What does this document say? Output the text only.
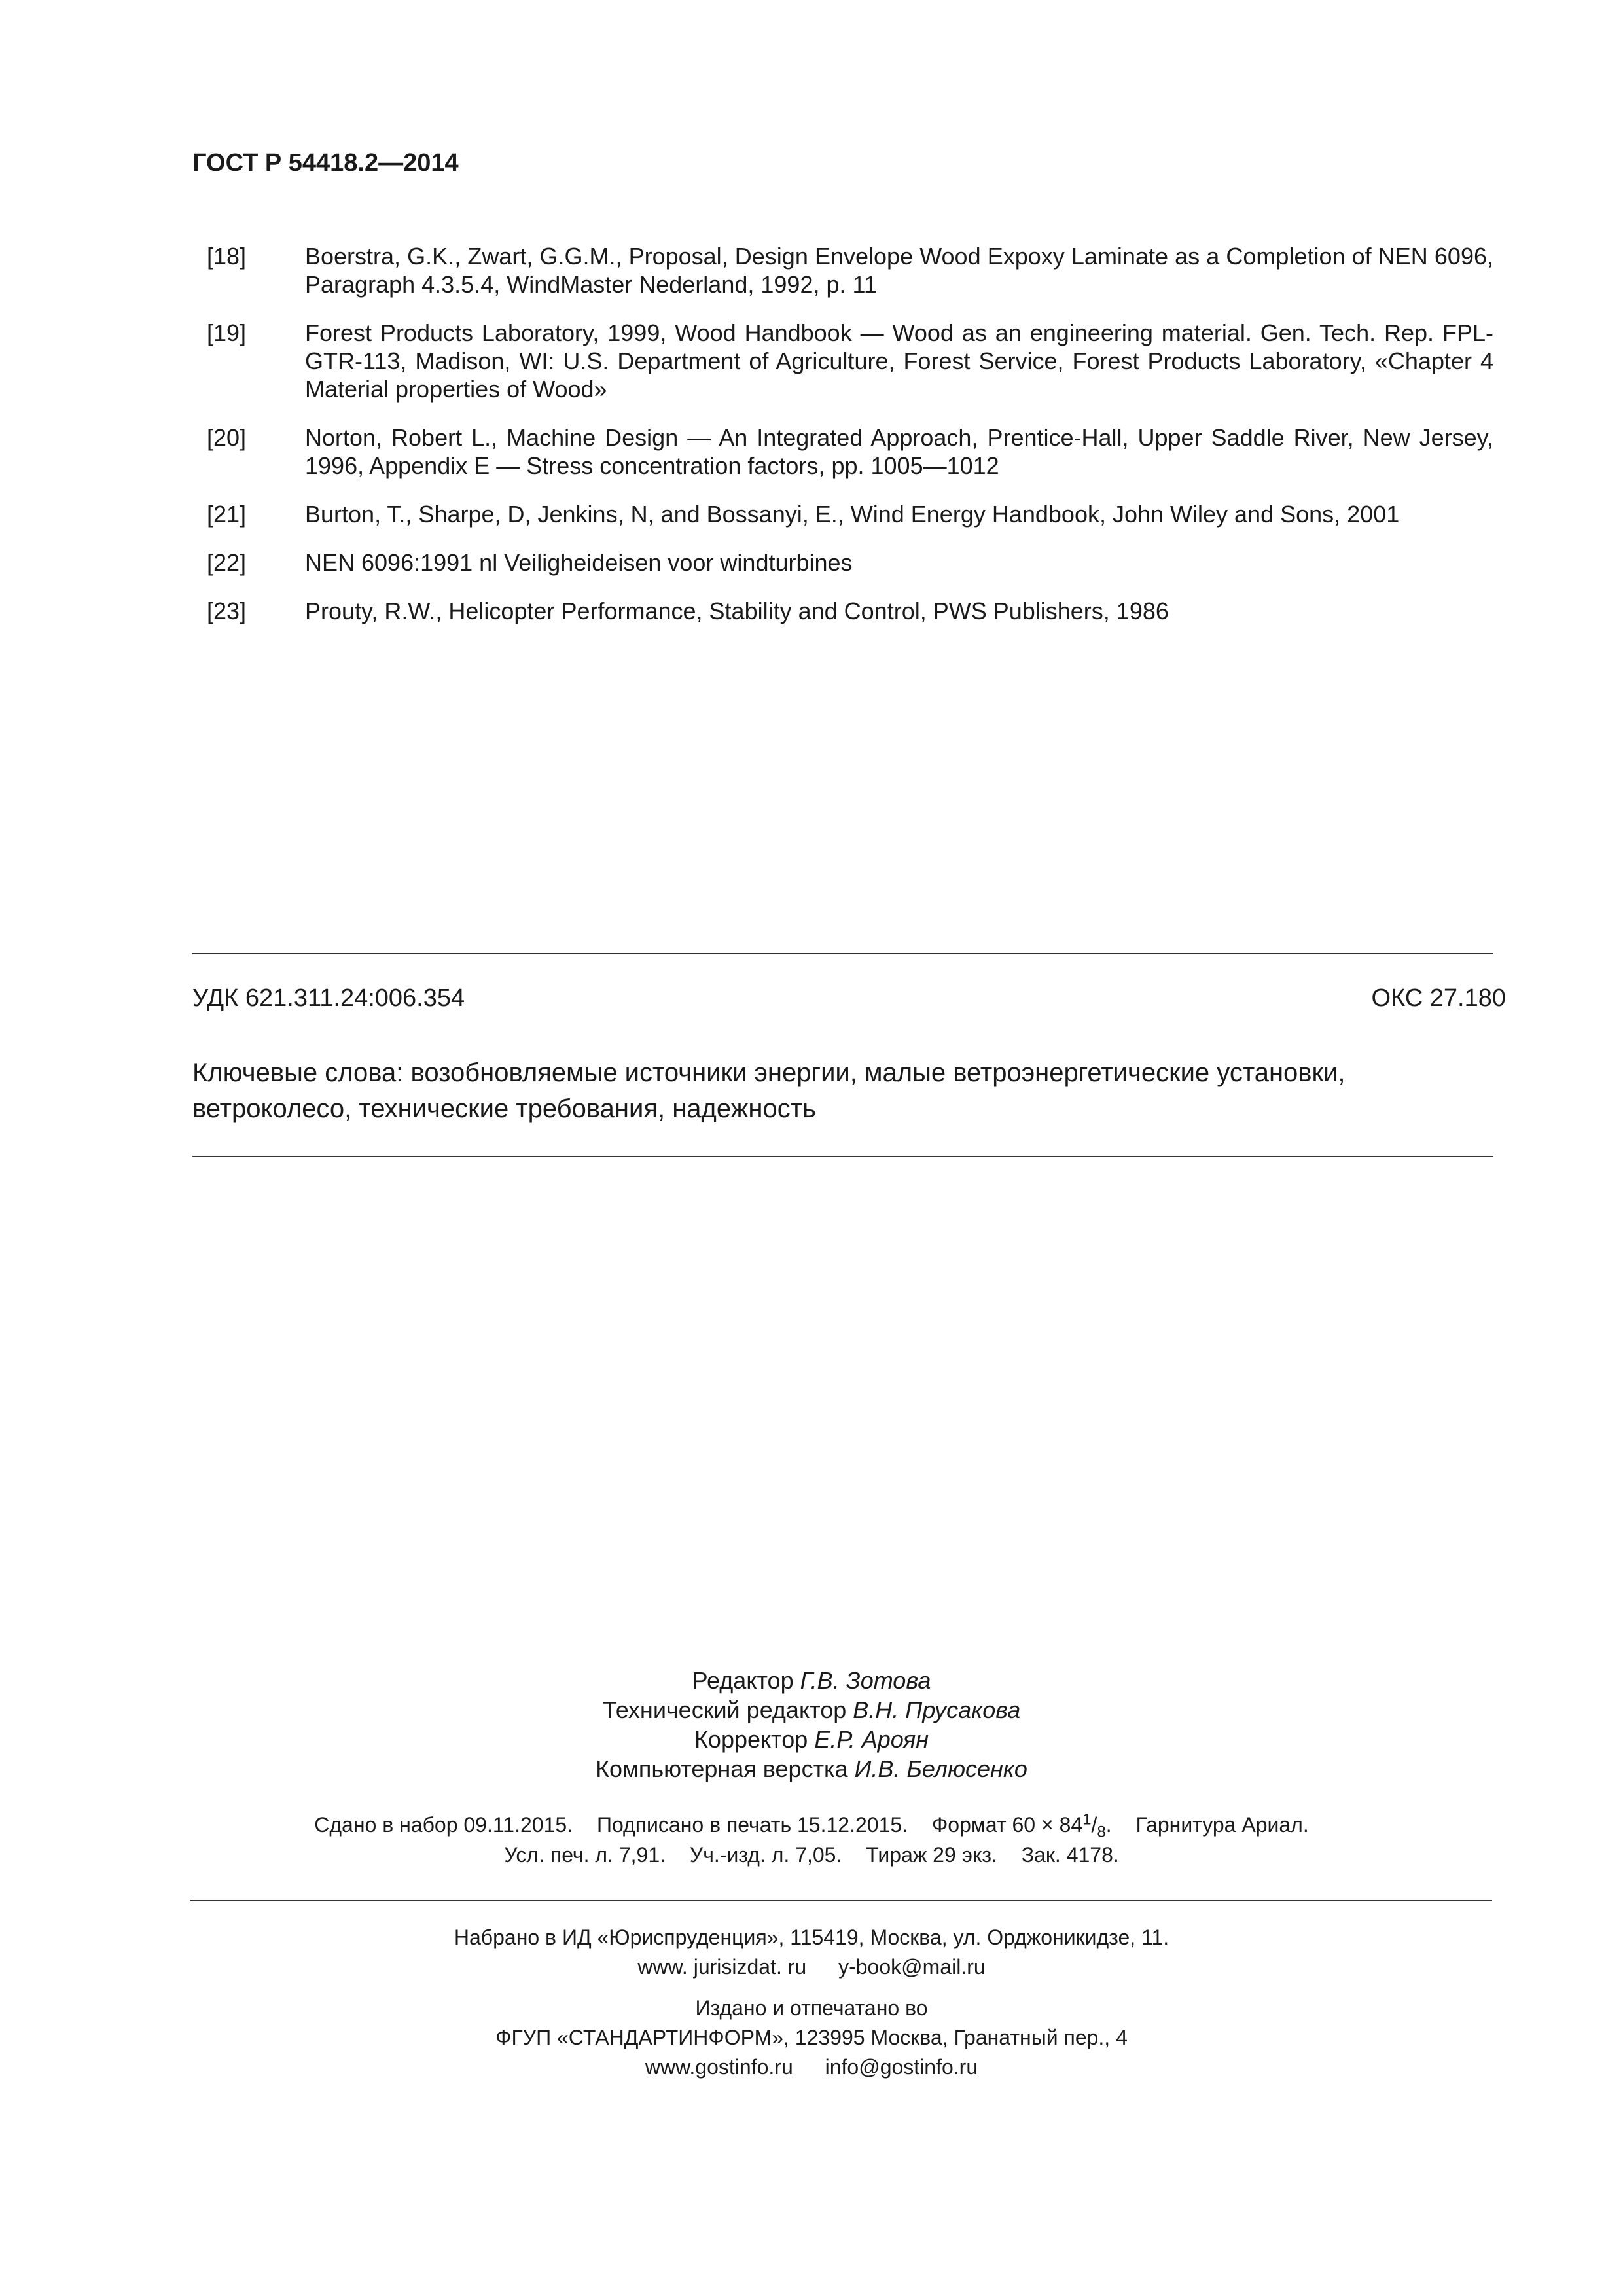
ГОСТ Р 54418.2—2014
[18]	Boerstra, G.K., Zwart, G.G.M., Proposal, Design Envelope Wood Expoxy Laminate as a Completion of NEN 6096, Paragraph 4.3.5.4, WindMaster Nederland, 1992, p. 11
[19]	Forest Products Laboratory, 1999, Wood Handbook — Wood as an engineering material. Gen. Tech. Rep. FPL-GTR-113, Madison, WI: U.S. Department of Agriculture, Forest Service, Forest Products Laboratory, «Chapter 4 Material properties of Wood»
[20]	Norton, Robert L., Machine Design — An Integrated Approach, Prentice-Hall, Upper Saddle River, New Jersey, 1996, Appendix E — Stress concentration factors, pp. 1005—1012
[21]	Burton, T., Sharpe, D, Jenkins, N, and Bossanyi, E., Wind Energy Handbook, John Wiley and Sons, 2001
[22]	NEN 6096:1991 nl Veiligheideisen voor windturbines
[23]	Prouty, R.W., Helicopter Performance, Stability and Control, PWS Publishers, 1986
УДК 621.311.24:006.354	ОКС 27.180
Ключевые слова: возобновляемые источники энергии, малые ветроэнергетические установки, ветроколесо, технические требования, надежность
Редактор Г.В. Зотова
Технический редактор В.Н. Прусакова
Корректор Е.Р. Ароян
Компьютерная верстка И.В. Белюсенко
Сдано в набор 09.11.2015. Подписано в печать 15.12.2015. Формат $60 \times 84^1/_8$. Гарнитура Ариал.
Усл. печ. л. 7,91. Уч.-изд. л. 7,05. Тираж 29 экз. Зак. 4178.
Набрано в ИД «Юриспруденция», 115419, Москва, ул. Орджоникидзе, 11.
www. jurisizdat. ru y-book@mail.ru
Издано и отпечатано во
ФГУП «СТАНДАРТИНФОРМ», 123995 Москва, Гранатный пер., 4
www.gostinfo.ru info@gostinfo.ru
